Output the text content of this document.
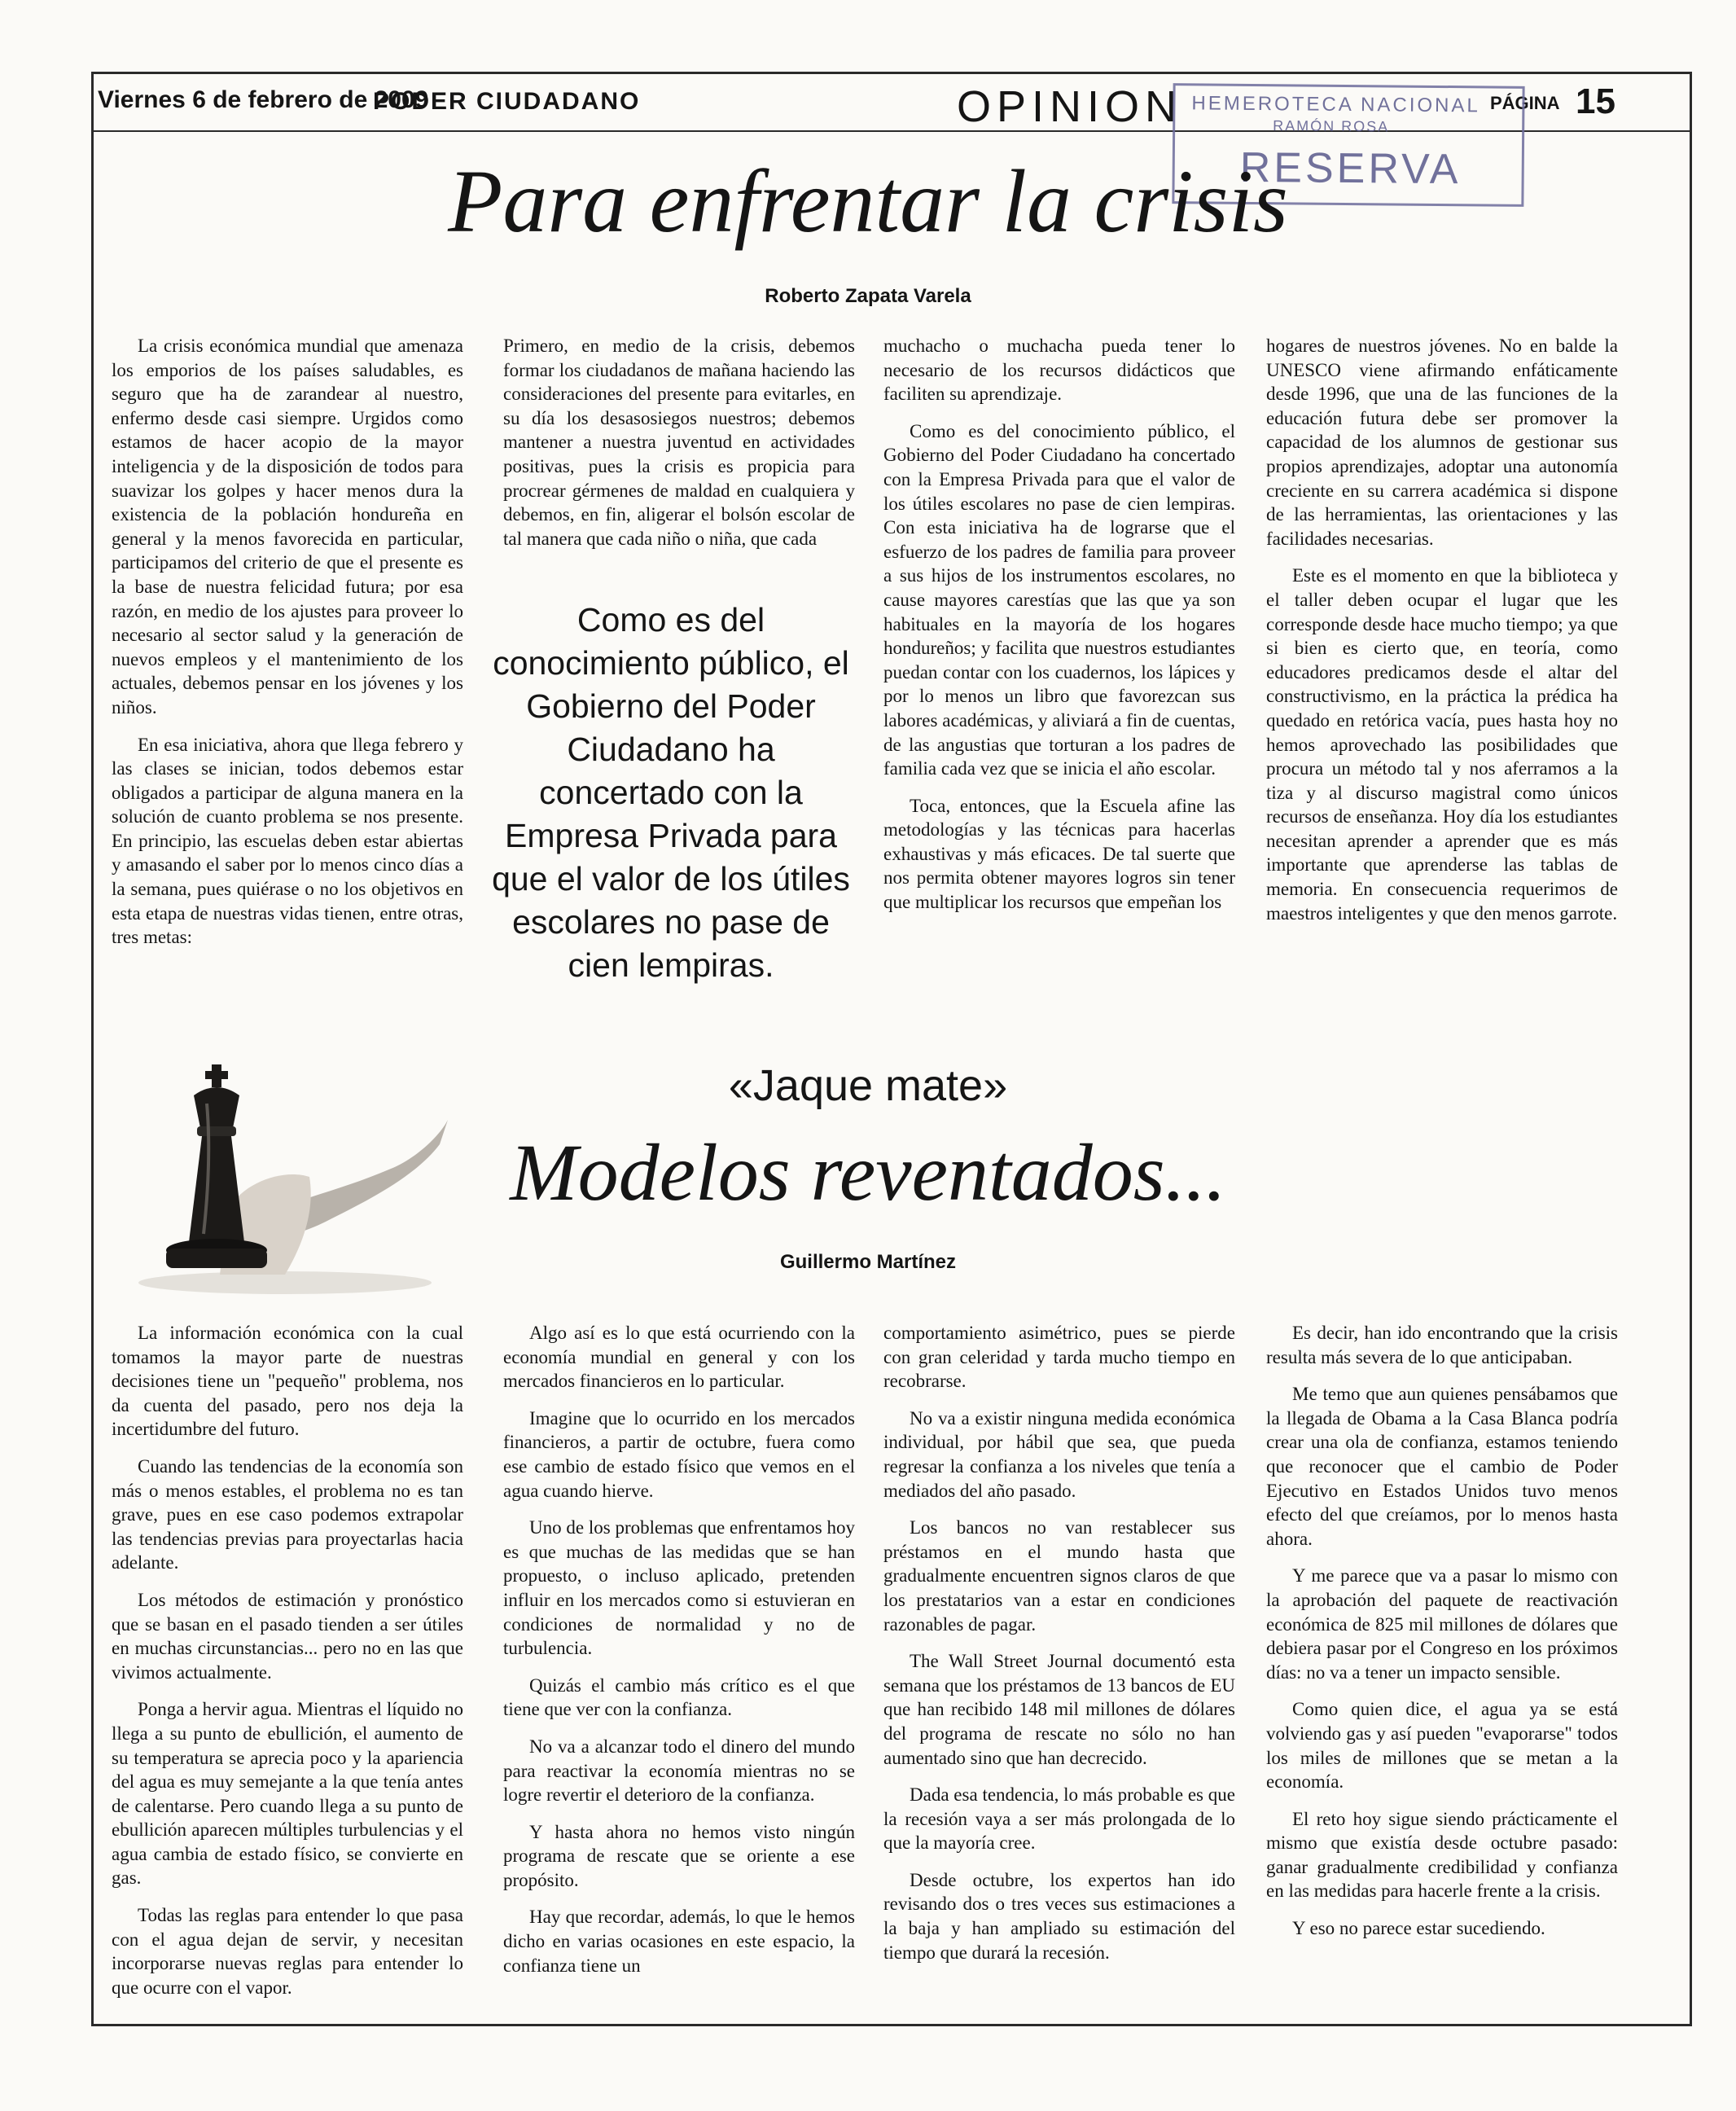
Viernes 6 de febrero de 2009
PODER CIUDADANO	OPINION	PÁGINA 15
HEMEROTECA NACIONAL
RAMÓN ROSA
RESERVA
Para enfrentar la crisis
Roberto Zapata Varela

La crisis económica mundial que amenaza los emporios de los países saludables, es seguro que ha de zarandear al nuestro, enfermo desde casi siempre. Urgidos como estamos de hacer acopio de la mayor inteligencia y de la disposición de todos para suavizar los golpes y hacer menos dura la existencia de la población hondureña en general y la menos favorecida en particular, participamos del criterio de que el presente es la base de nuestra felicidad futura; por esa razón, en medio de los ajustes para proveer lo necesario al sector salud y la generación de nuevos empleos y el mantenimiento de los actuales, debemos pensar en los jóvenes y los niños.

En esa iniciativa, ahora que llega febrero y las clases se inician, todos debemos estar obligados a participar de alguna manera en la solución de cuanto problema se nos presente. En principio, las escuelas deben estar abiertas y amasando el saber por lo menos cinco días a la semana, pues quiérase o no los objetivos en esta etapa de nuestras vidas tienen, entre otras, tres metas:

Primero, en medio de la crisis, debemos formar los ciudadanos de mañana haciendo las consideraciones del presente para evitarles, en su día los desasosiegos nuestros; debemos mantener a nuestra juventud en actividades positivas, pues la crisis es propicia para procrear gérmenes de maldad en cualquiera y debemos, en fin, aligerar el bolsón escolar de tal manera que cada niño o niña, que cada

Como es del conocimiento público, el Gobierno del Poder Ciudadano ha concertado con la Empresa Privada para que el valor de los útiles escolares no pase de cien lempiras.

muchacho o muchacha pueda tener lo necesario de los recursos didácticos que faciliten su aprendizaje.

Como es del conocimiento público, el Gobierno del Poder Ciudadano ha concertado con la Empresa Privada para que el valor de los útiles escolares no pase de cien lempiras. Con esta iniciativa ha de lograrse que el esfuerzo de los padres de familia para proveer a sus hijos de los instrumentos escolares, no cause mayores carestías que las que ya son habituales en la mayoría de los hogares hondureños; y facilita que nuestros estudiantes puedan contar con los cuadernos, los lápices y por lo menos un libro que favorezcan sus labores académicas, y aliviará a fin de cuentas, de las angustias que torturan a los padres de familia cada vez que se inicia el año escolar.

Toca, entonces, que la Escuela afine las metodologías y las técnicas para hacerlas exhaustivas y más eficaces. De tal suerte que nos permita obtener mayores logros sin tener que multiplicar los recursos que empeñan los

hogares de nuestros jóvenes. No en balde la UNESCO viene afirmando enfáticamente desde 1996, que una de las funciones de la educación futura debe ser promover la capacidad de los alumnos de gestionar sus propios aprendizajes, adoptar una autonomía creciente en su carrera académica si dispone de las herramientas, las orientaciones y las facilidades necesarias.

Este es el momento en que la biblioteca y el taller deben ocupar el lugar que les corresponde desde hace mucho tiempo; ya que si bien es cierto que, en teoría, como educadores predicamos desde el altar del constructivismo, en la práctica la prédica ha quedado en retórica vacía, pues hasta hoy no hemos aprovechado las posibilidades que procura un método tal y nos aferramos a la tiza y al discurso magistral como únicos recursos de enseñanza. Hoy día los estudiantes necesitan aprender a aprender que es más importante que aprenderse las tablas de memoria. En consecuencia requerimos de maestros inteligentes y que den menos garrote.

«Jaque mate»
Modelos reventados...
Guillermo Martínez

La información económica con la cual tomamos la mayor parte de nuestras decisiones tiene un "pequeño" problema, nos da cuenta del pasado, pero nos deja la incertidumbre del futuro.

Cuando las tendencias de la economía son más o menos estables, el problema no es tan grave, pues en ese caso podemos extrapolar las tendencias previas para proyectarlas hacia adelante.

Los métodos de estimación y pronóstico que se basan en el pasado tienden a ser útiles en muchas circunstancias... pero no en las que vivimos actualmente.

Ponga a hervir agua. Mientras el líquido no llega a su punto de ebullición, el aumento de su temperatura se aprecia poco y la apariencia del agua es muy semejante a la que tenía antes de calentarse. Pero cuando llega a su punto de ebullición aparecen múltiples turbulencias y el agua cambia de estado físico, se convierte en gas.

Todas las reglas para entender lo que pasa con el agua dejan de servir, y necesitan incorporarse nuevas reglas para entender lo que ocurre con el vapor.

Algo así es lo que está ocurriendo con la economía mundial en general y con los mercados financieros en lo particular.

Imagine que lo ocurrido en los mercados financieros, a partir de octubre, fuera como ese cambio de estado físico que vemos en el agua cuando hierve.

Uno de los problemas que enfrentamos hoy es que muchas de las medidas que se han propuesto, o incluso aplicado, pretenden influir en los mercados como si estuvieran en condiciones de normalidad y no de turbulencia.

Quizás el cambio más crítico es el que tiene que ver con la confianza.

No va a alcanzar todo el dinero del mundo para reactivar la economía mientras no se logre revertir el deterioro de la confianza.

Y hasta ahora no hemos visto ningún programa de rescate que se oriente a ese propósito.

Hay que recordar, además, lo que le hemos dicho en varias ocasiones en este espacio, la confianza tiene un

comportamiento asimétrico, pues se pierde con gran celeridad y tarda mucho tiempo en recobrarse.

No va a existir ninguna medida económica individual, por hábil que sea, que pueda regresar la confianza a los niveles que tenía a mediados del año pasado.

Los bancos no van restablecer sus préstamos en el mundo hasta que gradualmente encuentren signos claros de que los prestatarios van a estar en condiciones razonables de pagar.

The Wall Street Journal documentó esta semana que los préstamos de 13 bancos de EU que han recibido 148 mil millones de dólares del programa de rescate no sólo no han aumentado sino que han decrecido.

Dada esa tendencia, lo más probable es que la recesión vaya a ser más prolongada de lo que la mayoría cree.

Desde octubre, los expertos han ido revisando dos o tres veces sus estimaciones a la baja y han ampliado su estimación del tiempo que durará la recesión.

Es decir, han ido encontrando que la crisis resulta más severa de lo que anticipaban.

Me temo que aun quienes pensábamos que la llegada de Obama a la Casa Blanca podría crear una ola de confianza, estamos teniendo que reconocer que el cambio de Poder Ejecutivo en Estados Unidos tuvo menos efecto del que creíamos, por lo menos hasta ahora.

Y me parece que va a pasar lo mismo con la aprobación del paquete de reactivación económica de 825 mil millones de dólares que debiera pasar por el Congreso en los próximos días: no va a tener un impacto sensible.

Como quien dice, el agua ya se está volviendo gas y así pueden "evaporarse" todos los miles de millones que se metan a la economía.

El reto hoy sigue siendo prácticamente el mismo que existía desde octubre pasado: ganar gradualmente credibilidad y confianza en las medidas para hacerle frente a la crisis.

Y eso no parece estar sucediendo.
